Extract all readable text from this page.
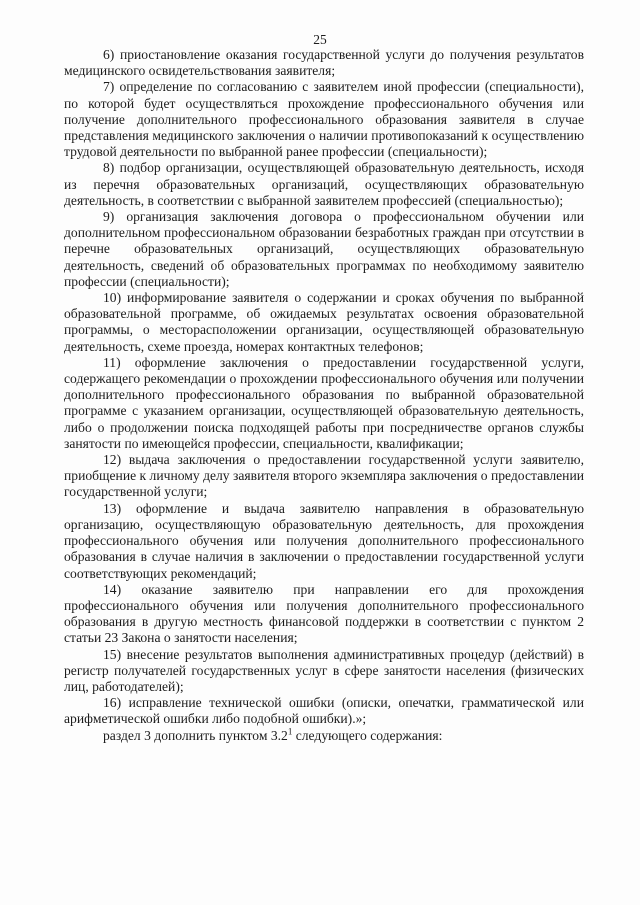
25

6) приостановление оказания государственной услуги до получения результатов медицинского освидетельствования заявителя;

7) определение по согласованию с заявителем иной профессии (специальности), по которой будет осуществляться прохождение профессионального обучения или получение дополнительного профессионального образования заявителя в случае представления медицинского заключения о наличии противопоказаний к осуществлению трудовой деятельности по выбранной ранее профессии (специальности);

8) подбор организации, осуществляющей образовательную деятельность, исходя из перечня образовательных организаций, осуществляющих образовательную деятельность, в соответствии с выбранной заявителем профессией (специальностью);

9) организация заключения договора о профессиональном обучении или дополнительном профессиональном образовании безработных граждан при отсутствии в перечне образовательных организаций, осуществляющих образовательную деятельность, сведений об образовательных программах по необходимому заявителю профессии (специальности);

10) информирование заявителя о содержании и сроках обучения по выбранной образовательной программе, об ожидаемых результатах освоения образовательной программы, о месторасположении организации, осуществляющей образовательную деятельность, схеме проезда, номерах контактных телефонов;

11) оформление заключения о предоставлении государственной услуги, содержащего рекомендации о прохождении профессионального обучения или получении дополнительного профессионального образования по выбранной образовательной программе с указанием организации, осуществляющей образовательную деятельность, либо о продолжении поиска подходящей работы при посредничестве органов службы занятости по имеющейся профессии, специальности, квалификации;

12) выдача заключения о предоставлении государственной услуги заявителю, приобщение к личному делу заявителя второго экземпляра заключения о предоставлении государственной услуги;

13) оформление и выдача заявителю направления в образовательную организацию, осуществляющую образовательную деятельность, для прохождения профессионального обучения или получения дополнительного профессионального образования в случае наличия в заключении о предоставлении государственной услуги соответствующих рекомендаций;

14) оказание заявителю при направлении его для прохождения профессионального обучения или получения дополнительного профессионального образования в другую местность финансовой поддержки в соответствии с пунктом 2 статьи 23 Закона о занятости населения;

15) внесение результатов выполнения административных процедур (действий) в регистр получателей государственных услуг в сфере занятости населения (физических лиц, работодателей);

16) исправление технической ошибки (описки, опечатки, грамматической или арифметической ошибки либо подобной ошибки).»;

раздел 3 дополнить пунктом $3.2^1$ следующего содержания:
